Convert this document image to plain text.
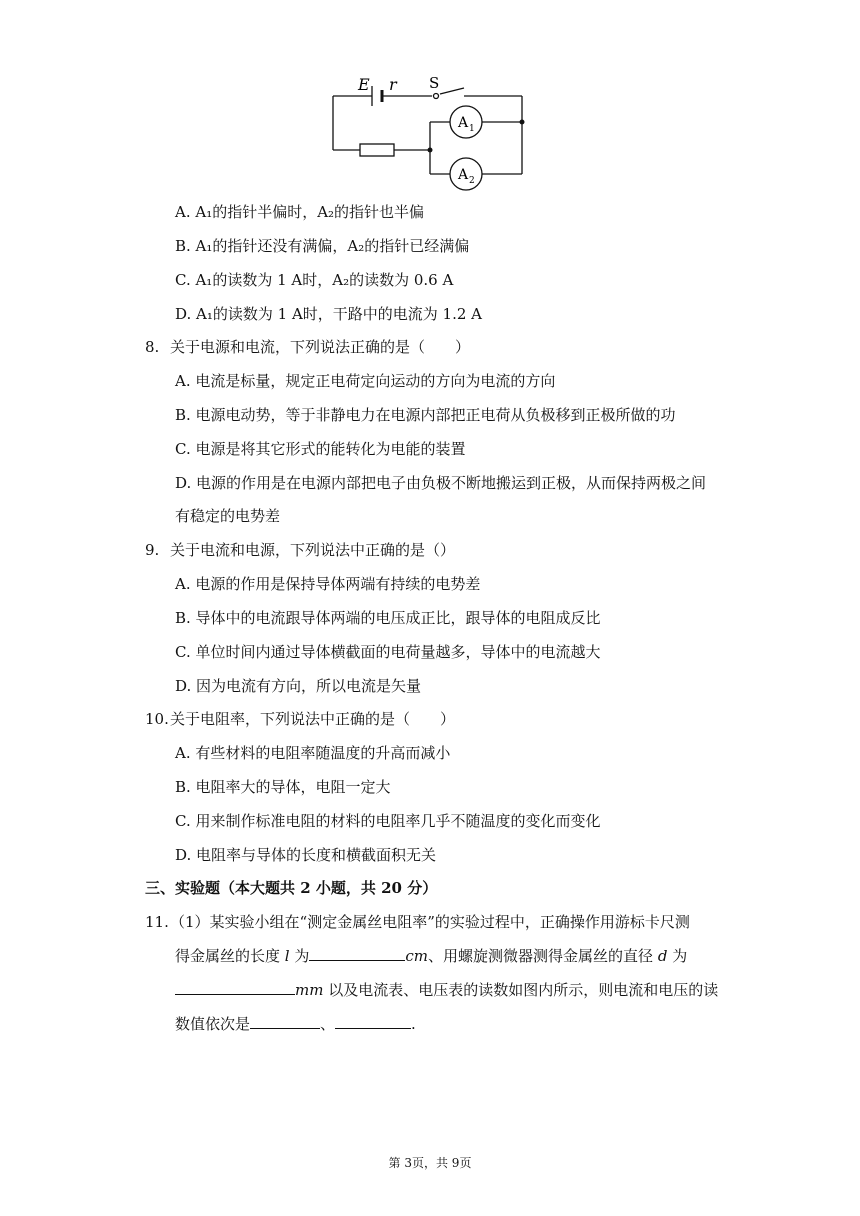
E r S
A 1
A 2
A. A₁的指针半偏时，A₂的指针也半偏
B. A₁的指针还没有满偏，A₂的指针已经满偏
C. A₁的读数为 1 A时，A₂的读数为 0.6 A
D. A₁的读数为 1 A时，干路中的电流为 1.2 A
8. 关于电源和电流，下列说法正确的是（　　）
A. 电流是标量，规定正电荷定向运动的方向为电流的方向
B. 电源电动势，等于非静电力在电源内部把正电荷从负极移到正极所做的功
C. 电源是将其它形式的能转化为电能的装置
D. 电源的作用是在电源内部把电子由负极不断地搬运到正极，从而保持两极之间
有稳定的电势差
9. 关于电流和电源，下列说法中正确的是（）
A. 电源的作用是保持导体两端有持续的电势差
B. 导体中的电流跟导体两端的电压成正比，跟导体的电阻成反比
C. 单位时间内通过导体横截面的电荷量越多，导体中的电流越大
D. 因为电流有方向，所以电流是矢量
10. 关于电阻率，下列说法中正确的是（　　）
A. 有些材料的电阻率随温度的升高而减小
B. 电阻率大的导体，电阻一定大
C. 用来制作标准电阻的材料的电阻率几乎不随温度的变化而变化
D. 电阻率与导体的长度和横截面积无关
三、实验题（本大题共 2 小题，共 20 分）
11. （1）某实验小组在“测定金属丝电阻率”的实验过程中，正确操作用游标卡尺测
得金属丝的长度 l 为	cm、用螺旋测微器测得金属丝的直径 d 为
mm 以及电流表、电压表的读数如图内所示，则电流和电压的读
数值依次是	、	.
第 3页，共 9页
